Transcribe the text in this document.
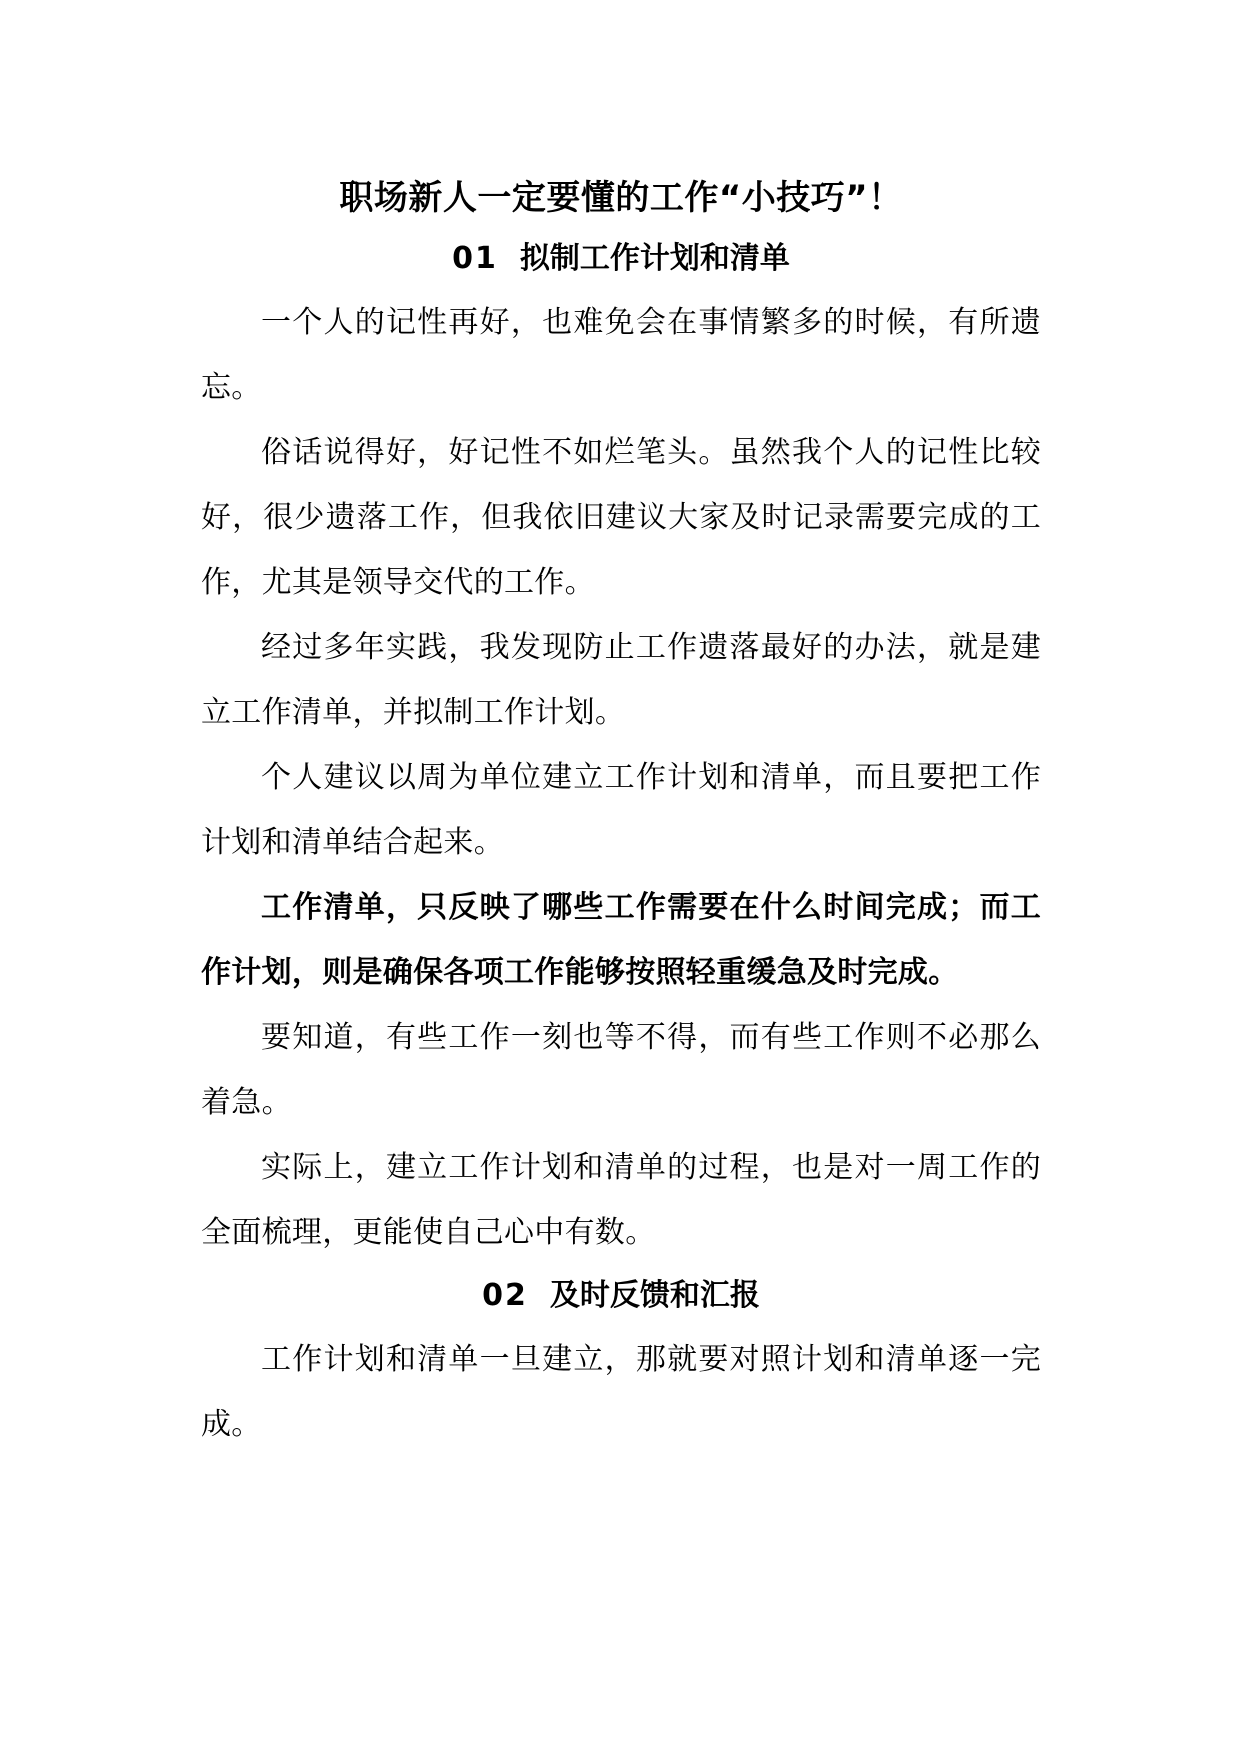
职场新人一定要懂的工作“小技巧”！
01 拟制工作计划和清单

一个人的记性再好，也难免会在事情繁多的时候，有所遗忘。

俗话说得好，好记性不如烂笔头。虽然我个人的记性比较好，很少遗落工作，但我依旧建议大家及时记录需要完成的工作，尤其是领导交代的工作。

经过多年实践，我发现防止工作遗落最好的办法，就是建立工作清单，并拟制工作计划。

个人建议以周为单位建立工作计划和清单，而且要把工作计划和清单结合起来。

工作清单，只反映了哪些工作需要在什么时间完成；而工作计划，则是确保各项工作能够按照轻重缓急及时完成。

要知道，有些工作一刻也等不得，而有些工作则不必那么着急。

实际上，建立工作计划和清单的过程，也是对一周工作的全面梳理，更能使自己心中有数。

02 及时反馈和汇报

工作计划和清单一旦建立，那就要对照计划和清单逐一完成。
